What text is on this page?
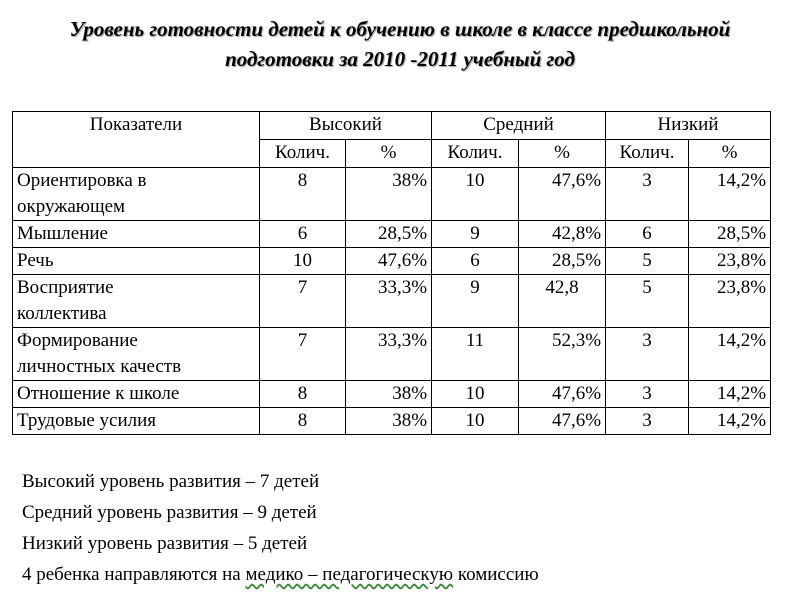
Уровень готовности детей к обучению в школе в классе предшкольной
подготовки за 2010 -2011 учебный год
Показатели	Высокий		Средний		Низкий	
	Колич.	%	Колич.	%	Колич.	%

Ориентировка в
окружающем	8	38%	10	47,6%	3	14,2%
Мышление	6	28,5%	9	42,8%	6	28,5%
Речь	10	47,6%	6	28,5%	5	23,8%

Восприятие
коллектива	7	33,3%	9	42,8	5	23,8%

Формирование
личностных качеств	7	33,3%	11	52,3%	3	14,2%
Отношение к школе	8	38%	10	47,6%	3	14,2%
Трудовые усилия	8	38%	10	47,6%	3	14,2%
Высокий уровень развития – 7 детей
Средний уровень развития – 9 детей
Низкий уровень развития – 5 детей
4 ребенка направляются на медико – педагогическую комиссию
